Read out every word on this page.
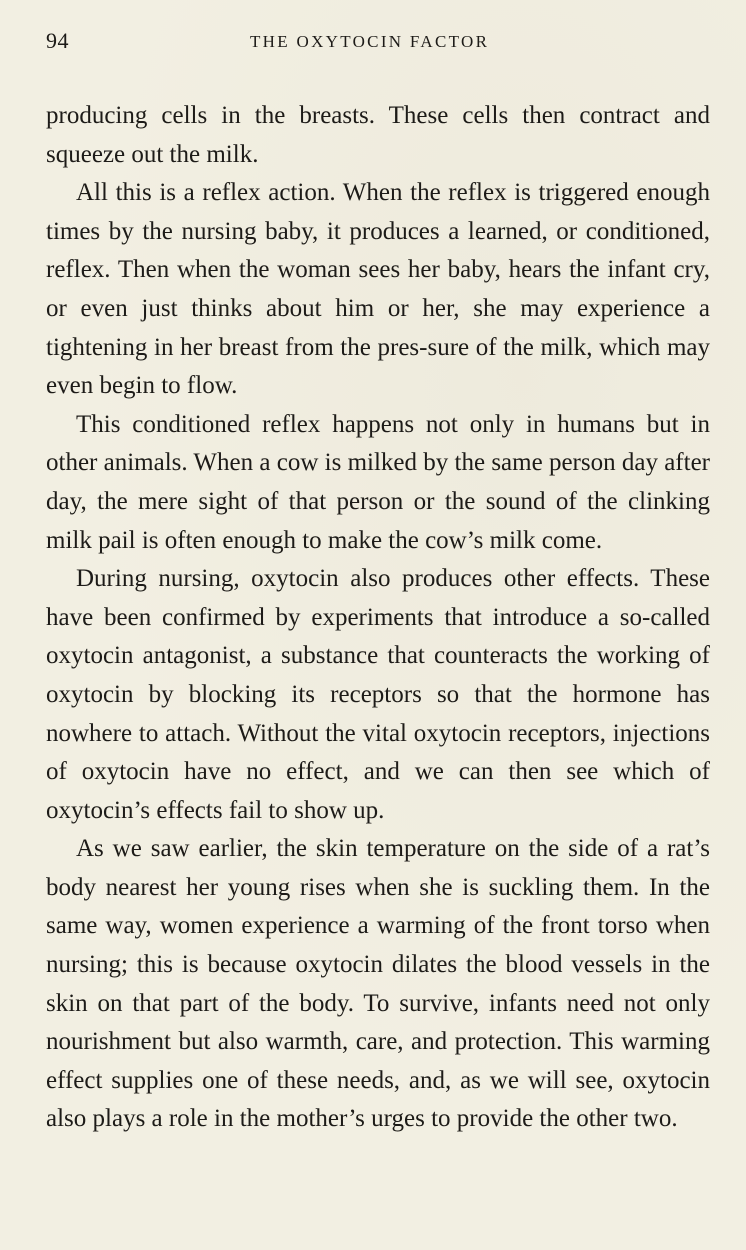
94	THE OXYTOCIN FACTOR

producing cells in the breasts. These cells then contract and squeeze out the milk.

All this is a reflex action. When the reflex is triggered enough times by the nursing baby, it produces a learned, or conditioned, reflex. Then when the woman sees her baby, hears the infant cry, or even just thinks about him or her, she may experience a tightening in her breast from the pres-sure of the milk, which may even begin to flow.

This conditioned reflex happens not only in humans but in other animals. When a cow is milked by the same person day after day, the mere sight of that person or the sound of the clinking milk pail is often enough to make the cow’s milk come.

During nursing, oxytocin also produces other effects. These have been confirmed by experiments that introduce a so-called oxytocin antagonist, a substance that counteracts the working of oxytocin by blocking its receptors so that the hormone has nowhere to attach. Without the vital oxytocin receptors, injections of oxytocin have no effect, and we can then see which of oxytocin’s effects fail to show up.

As we saw earlier, the skin temperature on the side of a rat’s body nearest her young rises when she is suckling them. In the same way, women experience a warming of the front torso when nursing; this is because oxytocin dilates the blood vessels in the skin on that part of the body. To survive, infants need not only nourishment but also warmth, care, and protection. This warming effect supplies one of these needs, and, as we will see, oxytocin also plays a role in the mother’s urges to provide the other two.
